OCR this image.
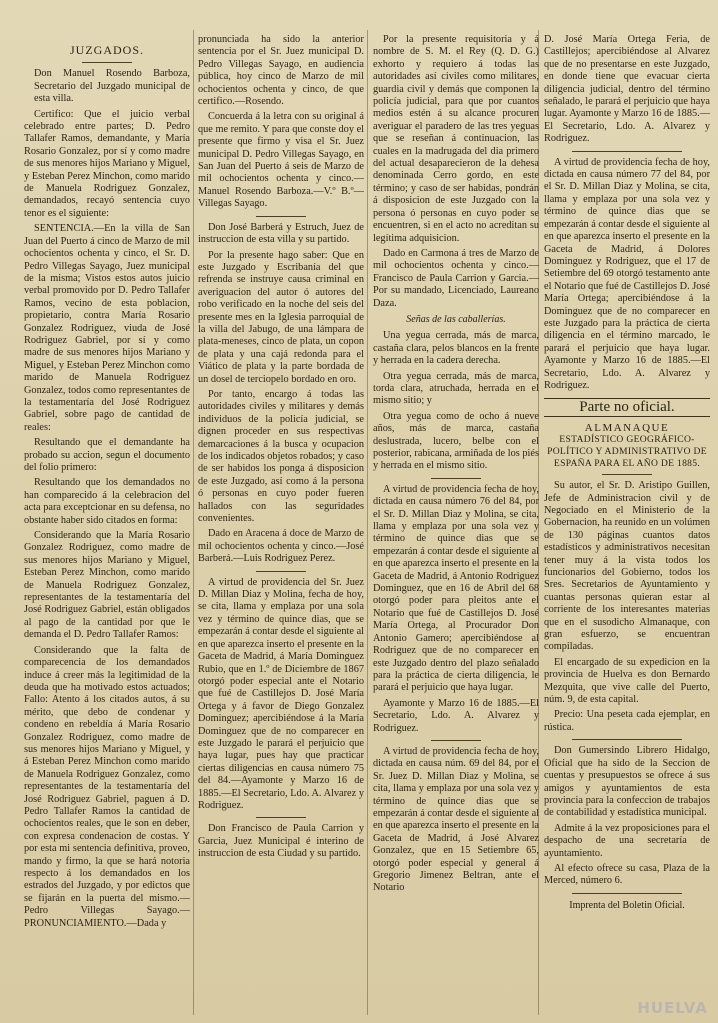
JUZGADOS.

Don Manuel Rosendo Barboza, Secretario del Juzgado municipal de esta villa.

Certifico: Que el juicio verbal celebrado entre partes; D. Pedro Tallafer Ramos, demandante, y María Rosario Gonzalez, por sí y como madre de sus menores hijos Mariano y Miguel, y Esteban Perez Minchon, como marido de Manuela Rodriguez Gonzalez, demandados, recayó sentencia cuyo tenor es el siguiente:

SENTENCIA.—En la villa de San Juan del Puerto á cinco de Marzo de mil ochocientos ochenta y cinco, el Sr. D. Pedro Villegas Sayago, Juez municipal de la misma; Vistos estos autos juicio verbal promovido por D. Pedro Tallafer Ramos, vecino de esta poblacion, propietario, contra María Rosario Gonzalez Rodriguez, viuda de José Rodriguez Gabriel, por sí y como madre de sus menores hijos Mariano y Miguel, y Esteban Perez Minchon como marido de Manuela Rodriguez Gonzalez, todos como representantes de la testamentaría del José Rodriguez Gabriel, sobre pago de cantidad de reales:

Resultando que el demandante ha probado su accion, segun el documento del folio primero:

Resultando que los demandados no han comparecido á la celebracion del acta para exceptcionar en su defensa, no obstante haber sido citados en forma:

Considerando que la María Rosario Gonzalez Rodriguez, como madre de sus menores hijos Mariano y Miguel, Esteban Perez Minchon, como marido de Manuela Rodriguez Gonzalez, representantes de la testamentaría del José Rodriguez Gabriel, están obligados al pago de la cantidad por que le demanda el D. Pedro Tallafer Ramos:

Considerando que la falta de comparecencia de los demandados induce á creer más la legitimidad de la deuda que ha motivado estos actuados; Fallo: Atento á los citados autos, á su mérito, que debo de condenar y condeno en rebeldía á María Rosario Gonzalez Rodriguez, como madre de sus menores hijos Mariano y Miguel, y á Esteban Perez Minchon como marido de Manuela Rodriguez Gonzalez, como representantes de la testamentaría del José Rodriguez Gabriel, paguen á D. Pedro Tallafer Ramos la cantidad de ochocientos reales, que le son en deber, con expresa condenacion de costas. Y por esta mi sentencia definitiva, proveo, mando y firmo, la que se hará notoria respecto á los demandados en los estrados del Juzgado, y por edictos que se fijarán en la puerta del mismo.—Pedro Villegas Sayago.—PRONUNCIAMIENTO.—Dada y

pronunciada ha sido la anterior sentencia por el Sr. Juez municipal D. Pedro Villegas Sayago, en audiencia pública, hoy cinco de Marzo de mil ochocientos ochenta y cinco, de que certifico.—Rosendo.

Concuerda á la letra con su original á que me remito. Y para que conste doy el presente que firmo y visa el Sr. Juez municipal D. Pedro Villegas Sayago, en San Juan del Puerto á seis de Marzo de mil ochocientos ochenta y cinco.—Manuel Rosendo Barboza.—V.º B.º—Villegas Sayago.

Don José Barberá y Estruch, Juez de instruccion de esta villa y su partido.

Por la presente hago saber: Que en este Juzgado y Escribanía del que refrenda se instruye causa criminal en averiguacion del autor ó autores del robo verificado en la noche del seis del presente mes en la Iglesia parroquial de la villa del Jabugo, de una lámpara de plata-meneses, cinco de plata, un copon de plata y una cajá redonda para el Viático de plata y la parte bordada de un dosel de terciopelo bordado en oro.

Por tanto, encargo á todas las autoridades civiles y militares y demás individuos de la policía judicial, se dignen proceder en sus respectivas demarcaciones á la busca y ocupacion de los indicados objetos robados; y caso de ser habidos los ponga á disposicion de este Juzgado, así como á la persona ó personas en cuyo poder fueren hallados con las seguridades convenientes.

Dado en Aracena á doce de Marzo de mil ochocientos ochenta y cinco.—José Barberá.—Luis Rodriguez Perez.

A virtud de providencia del Sr. Juez D. Millan Diaz y Molina, fecha de hoy, se cita, llama y emplaza por una sola vez y término de quince dias, que se empezarán á contar desde el siguiente al en que aparezca inserto el presente en la Gaceta de Madrid, á María Dominguez Rubio, que en 1.º de Diciembre de 1867 otorgó poder especial ante el Notario que fué de Castillejos D. José María Ortega y á favor de Diego Gonzalez Dominguez; apercibiéndose á la María Dominguez que de no comparecer en este Juzgado le parará el perjuicio que haya lugar, pues hay que practicar ciertas diligencias en causa número 75 del 84.—Ayamonte y Marzo 16 de 1885.—El Secretario, Ldo. A. Alvarez y Rodriguez.

Don Francisco de Paula Carrion y Garcia, Juez Municipal é interino de instruccion de esta Ciudad y su partido.

Por la presente requisitoria y á nombre de S. M. el Rey (Q. D. G.) exhorto y requiero á todas las autoridades así civiles como militares, guardia civil y demás que componen la policía judicial, para que por cuantos medios estén á su alcance procuren averiguar el paradero de las tres yeguas que se reseñan á continuacion, las cuales en la madrugada del dia primero del actual desaparecieron de la dehesa denominada Cerro gordo, en este término; y caso de ser habidas, pondrán á disposicion de este Juzgado con la persona ó personas en cuyo poder se encuentren, si en el acto no acreditan su legítima adquisicion.

Dado en Carmona á tres de Marzo de mil ochocientos ochenta y cinco.—Francisco de Paula Carrion y Garcia.—Por su mandado, Licenciado, Laureano Daza.

Señas de las caballerías.

Una yegua cerrada, más de marca, castaña clara, pelos blancos en la frente y herrada en la cadera derecha.

Otra yegua cerrada, más de marca, torda clara, atruchada, herrada en el mismo sitio; y

Otra yegua como de ocho á nueve años, más de marca, castaña deslustrada, lucero, belbe con el posterior, rabicana, armiñada de los piés y herrada en el mismo sitio.

A virtud de providencia fecha de hoy, dictada en causa número 76 del 84, por el Sr. D. Millan Diaz y Molina, se cita, llama y emplaza por una sola vez y término de quince dias que se empezarán á contar desde el siguiente al en que aparezca inserto el presente en la Gaceta de Madrid, á Antonio Rodriguez Dominguez, que en 16 de Abril del 68 otorgó poder para pleitos ante el Notario que fué de Castillejos D. José María Ortega, al Procurador Don Antonio Gamero; apercibiéndose al Rodriguez que de no comparecer en este Juzgado dentro del plazo señalado para la práctica de cierta diligencia, le parará el perjuicio que haya lugar.

Ayamonte y Marzo 16 de 1885.—El Secretario, Ldo. A. Alvarez y Rodriguez.

A virtud de providencia fecha de hoy, dictada en causa núm. 69 del 84, por el Sr. Juez D. Millan Diaz y Molina, se cita, llama y emplaza por una sola vez y término de quince dias que se empezarán á contar desde el siguiente al en que aparezca inserto el presente en la Gaceta de Madrid, á José Alvarez Gonzalez, que en 15 Setiembre 65, otorgó poder especial y general á Gregorio Jimenez Beltran, ante el Notario

D. José María Ortega Feria, de Castillejos; apercibiéndose al Alvarez que de no presentarse en este Juzgado, en donde tiene que evacuar cierta diligencia judicial, dentro del término señalado, le parará el perjuicio que haya lugar. Ayamonte y Marzo 16 de 1885.—El Secretario, Ldo. A. Alvarez y Rodriguez.

A virtud de providencia fecha de hoy, dictada en causa número 77 del 84, por el Sr. D. Millan Diaz y Molina, se cita, llama y emplaza por una sola vez y término de quince dias que se empezarán á contar desde el siguiente al en que aparezca inserto el presente en la Gaceta de Madrid, á Dolores Dominguez y Rodriguez, que el 17 de Setiembre del 69 otorgó testamento ante el Notario que fué de Castillejos D. José María Ortega; apercibiéndose á la Dominguez que de no comparecer en este Juzgado para la práctica de cierta diligencia en el término marcado, le parará el perjuicio que haya lugar. Ayamonte y Marzo 16 de 1885.—El Secretario, Ldo. A. Alvarez y Rodriguez.

Parte no oficial.
ALMANAQUE
ESTADÍSTICO GEOGRÁFICO-POLÍTICO Y ADMINISTRATIVO DE ESPAÑA PARA EL AÑO DE 1885.

Su autor, el Sr. D. Aristipo Guillen, Jefe de Administracion civil y de Negociado en el Ministerio de la Gobernacion, ha reunido en un volúmen de 130 páginas cuantos datos estadísticos y administrativos necesitan tener muy á la vista todos los funcionarios del Gobierno, todos los Sres. Secretarios de Ayuntamiento y cuantas personas quieran estar al corriente de los interesantes materias que en el susodicho Almanaque, con gran esfuerzo, se encuentran compiladas.

El encargado de su expedicion en la provincia de Huelva es don Bernardo Mezquita, que vive calle del Puerto, núm. 9, de esta capital.

Precio: Una peseta cada ejemplar, en rústica.

Don Gumersindo Librero Hidalgo, Oficial que ha sido de la Seccion de cuentas y presupuestos se ofrece á sus amigos y ayuntamientos de esta provincia para la confeccion de trabajos de contabilidad y estadística municipal.

Admite á la vez proposiciones para el despacho de una secretaría de ayuntamiento.

Al efecto ofrece su casa, Plaza de la Merced, número 6.

Imprenta del Boletin Oficial.
HUELVA
